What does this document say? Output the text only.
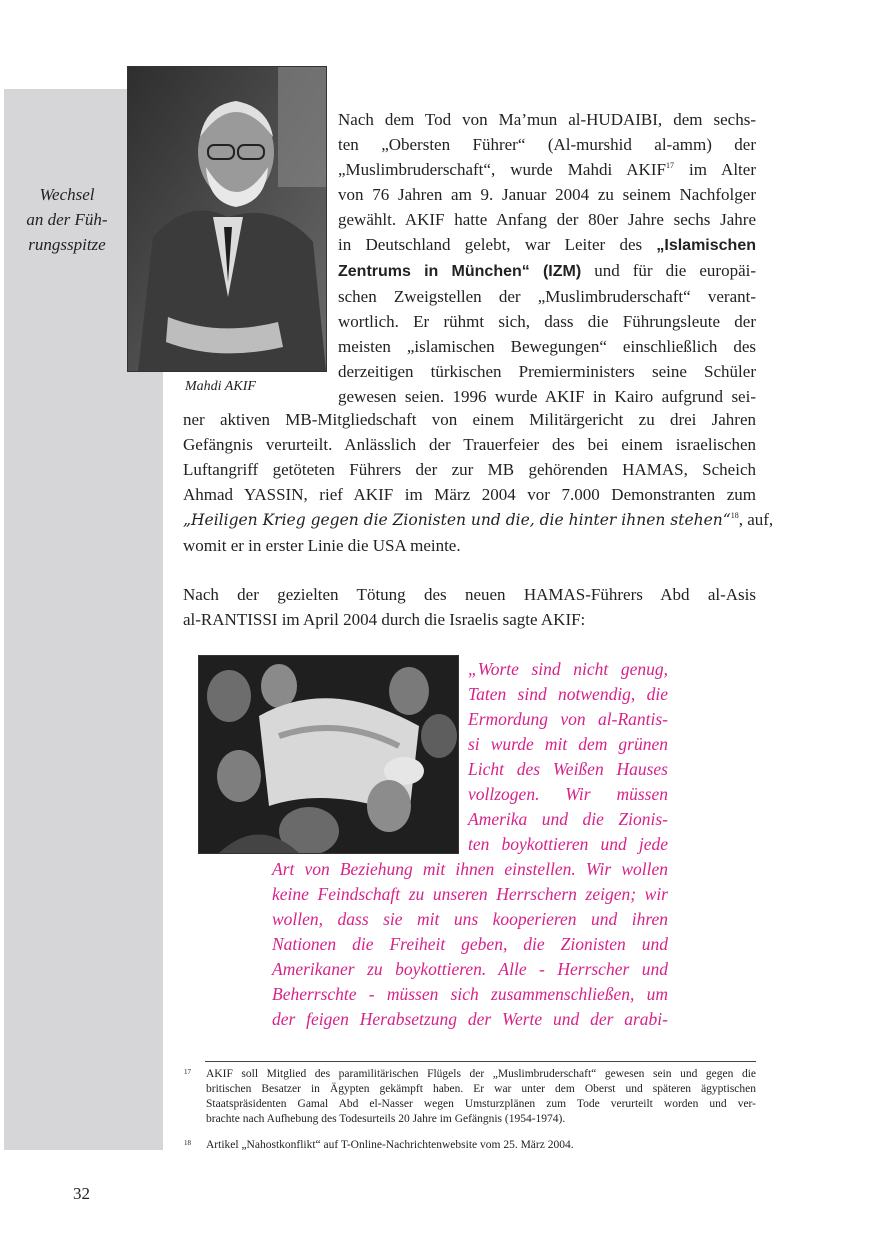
Wechsel
an der Füh-
rungsspitze
Mahdi AKIF
Nach dem Tod von Ma’mun al-HUDAIBI, dem sechs-
ten „Obersten Führer“ (Al-murshid al-amm) der
„Muslimbruderschaft“, wurde Mahdi AKIF$^{17}$ im Alter
von 76 Jahren am 9. Januar 2004 zu seinem Nachfolger
gewählt. AKIF hatte Anfang der 80er Jahre sechs Jahre
in Deutschland gelebt, war Leiter des „Islamischen
Zentrums in München“ (IZM) und für die europäi-
schen Zweigstellen der „Muslimbruderschaft“ verant-
wortlich. Er rühmt sich, dass die Führungsleute der
meisten „islamischen Bewegungen“ einschließlich des
derzeitigen türkischen Premierministers seine Schüler
gewesen seien. 1996 wurde AKIF in Kairo aufgrund sei-
ner aktiven MB-Mitgliedschaft von einem Militärgericht zu drei Jahren
Gefängnis verurteilt. Anlässlich der Trauerfeier des bei einem israelischen
Luftangriff getöteten Führers der zur MB gehörenden HAMAS, Scheich
Ahmad YASSIN, rief AKIF im März 2004 vor 7.000 Demonstranten zum
„Heiligen Krieg gegen die Zionisten und die, die hinter ihnen stehen“$^{18}$, auf,
womit er in erster Linie die USA meinte.
Nach der gezielten Tötung des neuen HAMAS-Führers Abd al-Asis
al-RANTISSI im April 2004 durch die Israelis sagte AKIF:
„Worte sind nicht genug,
Taten sind notwendig, die
Ermordung von al-Rantis-
si wurde mit dem grünen
Licht des Weißen Hauses
vollzogen. Wir müssen
Amerika und die Zionis-
ten boykottieren und jede
Art von Beziehung mit ihnen einstellen. Wir wollen
keine Feindschaft zu unseren Herrschern zeigen; wir
wollen, dass sie mit uns kooperieren und ihren
Nationen die Freiheit geben, die Zionisten und
Amerikaner zu boykottieren. Alle - Herrscher und
Beherrschte - müssen sich zusammenschließen, um
der feigen Herabsetzung der Werte und der arabi-
17 AKIF soll Mitglied des paramilitärischen Flügels der „Muslimbruderschaft“ gewesen sein und gegen die
britischen Besatzer in Ägypten gekämpft haben. Er war unter dem Oberst und späteren ägyptischen
Staatspräsidenten Gamal Abd el-Nasser wegen Umsturzplänen zum Tode verurteilt worden und ver-
brachte nach Aufhebung des Todesurteils 20 Jahre im Gefängnis (1954-1974).
18 Artikel „Nahostkonflikt“ auf T-Online-Nachrichtenwebsite vom 25. März 2004.
32
